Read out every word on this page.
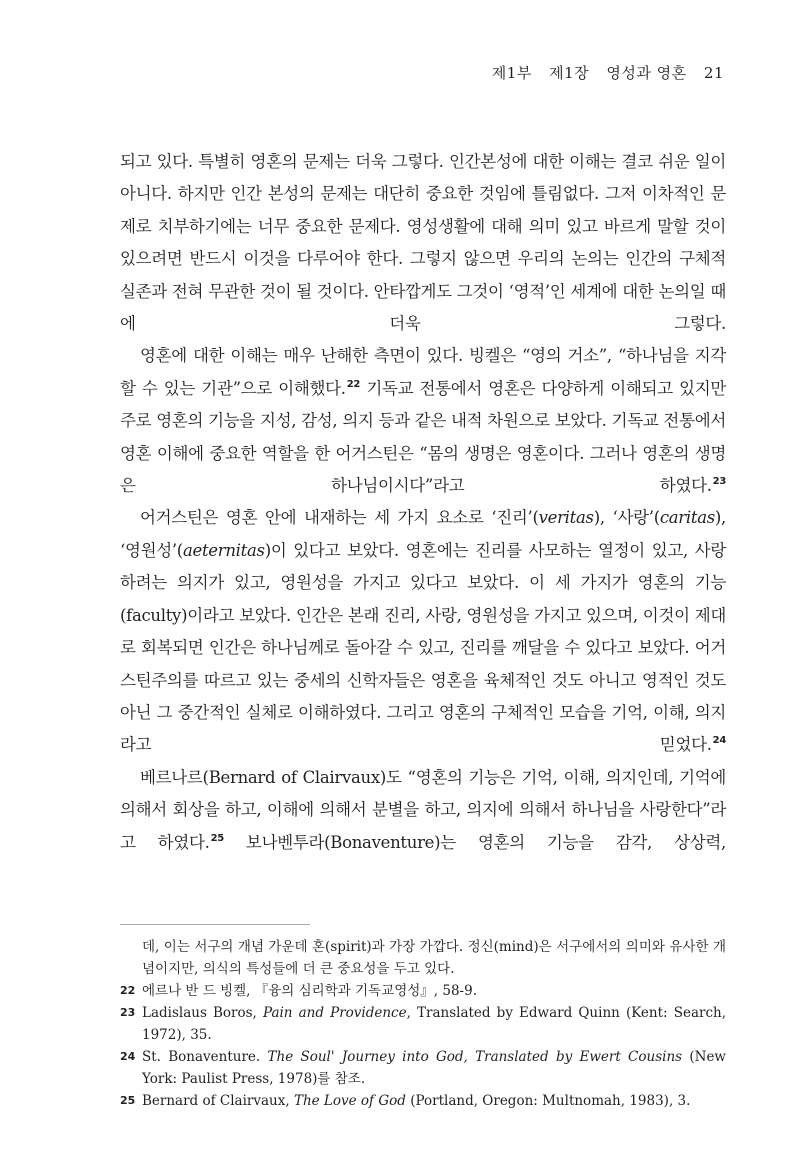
제1부 제1장 영성과 영혼 21

되고 있다. 특별히 영혼의 문제는 더욱 그렇다. 인간본성에 대한 이해는 결코 쉬운 일이 아니다. 하지만 인간 본성의 문제는 대단히 중요한 것임에 틀림없다. 그저 이차적인 문제로 치부하기에는 너무 중요한 문제다. 영성생활에 대해 의미 있고 바르게 말할 것이 있으려면 반드시 이것을 다루어야 한다. 그렇지 않으면 우리의 논의는 인간의 구체적 실존과 전혀 무관한 것이 될 것이다. 안타깝게도 그것이 ‘영적’인 세계에 대한 논의일 때에 더욱 그렇다.

영혼에 대한 이해는 매우 난해한 측면이 있다. 빙켈은 “영의 거소”, “하나님을 지각할 수 있는 기관”으로 이해했다.$^{22}$ 기독교 전통에서 영혼은 다양하게 이해되고 있지만 주로 영혼의 기능을 지성, 감성, 의지 등과 같은 내적 차원으로 보았다. 기독교 전통에서 영혼 이해에 중요한 역할을 한 어거스틴은 “몸의 생명은 영혼이다. 그러나 영혼의 생명은 하나님이시다”라고 하였다.$^{23}$

어거스틴은 영혼 안에 내재하는 세 가지 요소로 ‘진리’(veritas), ‘사랑’(caritas), ‘영원성’(aeternitas)이 있다고 보았다. 영혼에는 진리를 사모하는 열정이 있고, 사랑하려는 의지가 있고, 영원성을 가지고 있다고 보았다. 이 세 가지가 영혼의 기능(faculty)이라고 보았다. 인간은 본래 진리, 사랑, 영원성을 가지고 있으며, 이것이 제대로 회복되면 인간은 하나님께로 돌아갈 수 있고, 진리를 깨달을 수 있다고 보았다. 어거스틴주의를 따르고 있는 중세의 신학자들은 영혼을 육체적인 것도 아니고 영적인 것도 아닌 그 중간적인 실체로 이해하였다. 그리고 영혼의 구체적인 모습을 기억, 이해, 의지라고 믿었다.$^{24}$

베르나르(Bernard of Clairvaux)도 “영혼의 기능은 기억, 이해, 의지인데, 기억에 의해서 회상을 하고, 이해에 의해서 분별을 하고, 의지에 의해서 하나님을 사랑한다”라고 하였다.$^{25}$ 보나벤투라(Bonaventure)는 영혼의 기능을 감각, 상상력,

데, 이는 서구의 개념 가운데 혼(spirit)과 가장 가깝다. 정신(mind)은 서구에서의 의미와 유사한 개념이지만, 의식의 특성들에 더 큰 중요성을 두고 있다.

22 에르나 반 드 빙켈, 『융의 심리학과 기독교영성』, 58-9.

23 Ladislaus Boros, Pain and Providence, Translated by Edward Quinn (Kent: Search, 1972), 35.

24 St. Bonaventure. The Soul' Journey into God, Translated by Ewert Cousins (New York: Paulist Press, 1978)를 참조.

25 Bernard of Clairvaux, The Love of God (Portland, Oregon: Multnomah, 1983), 3.
